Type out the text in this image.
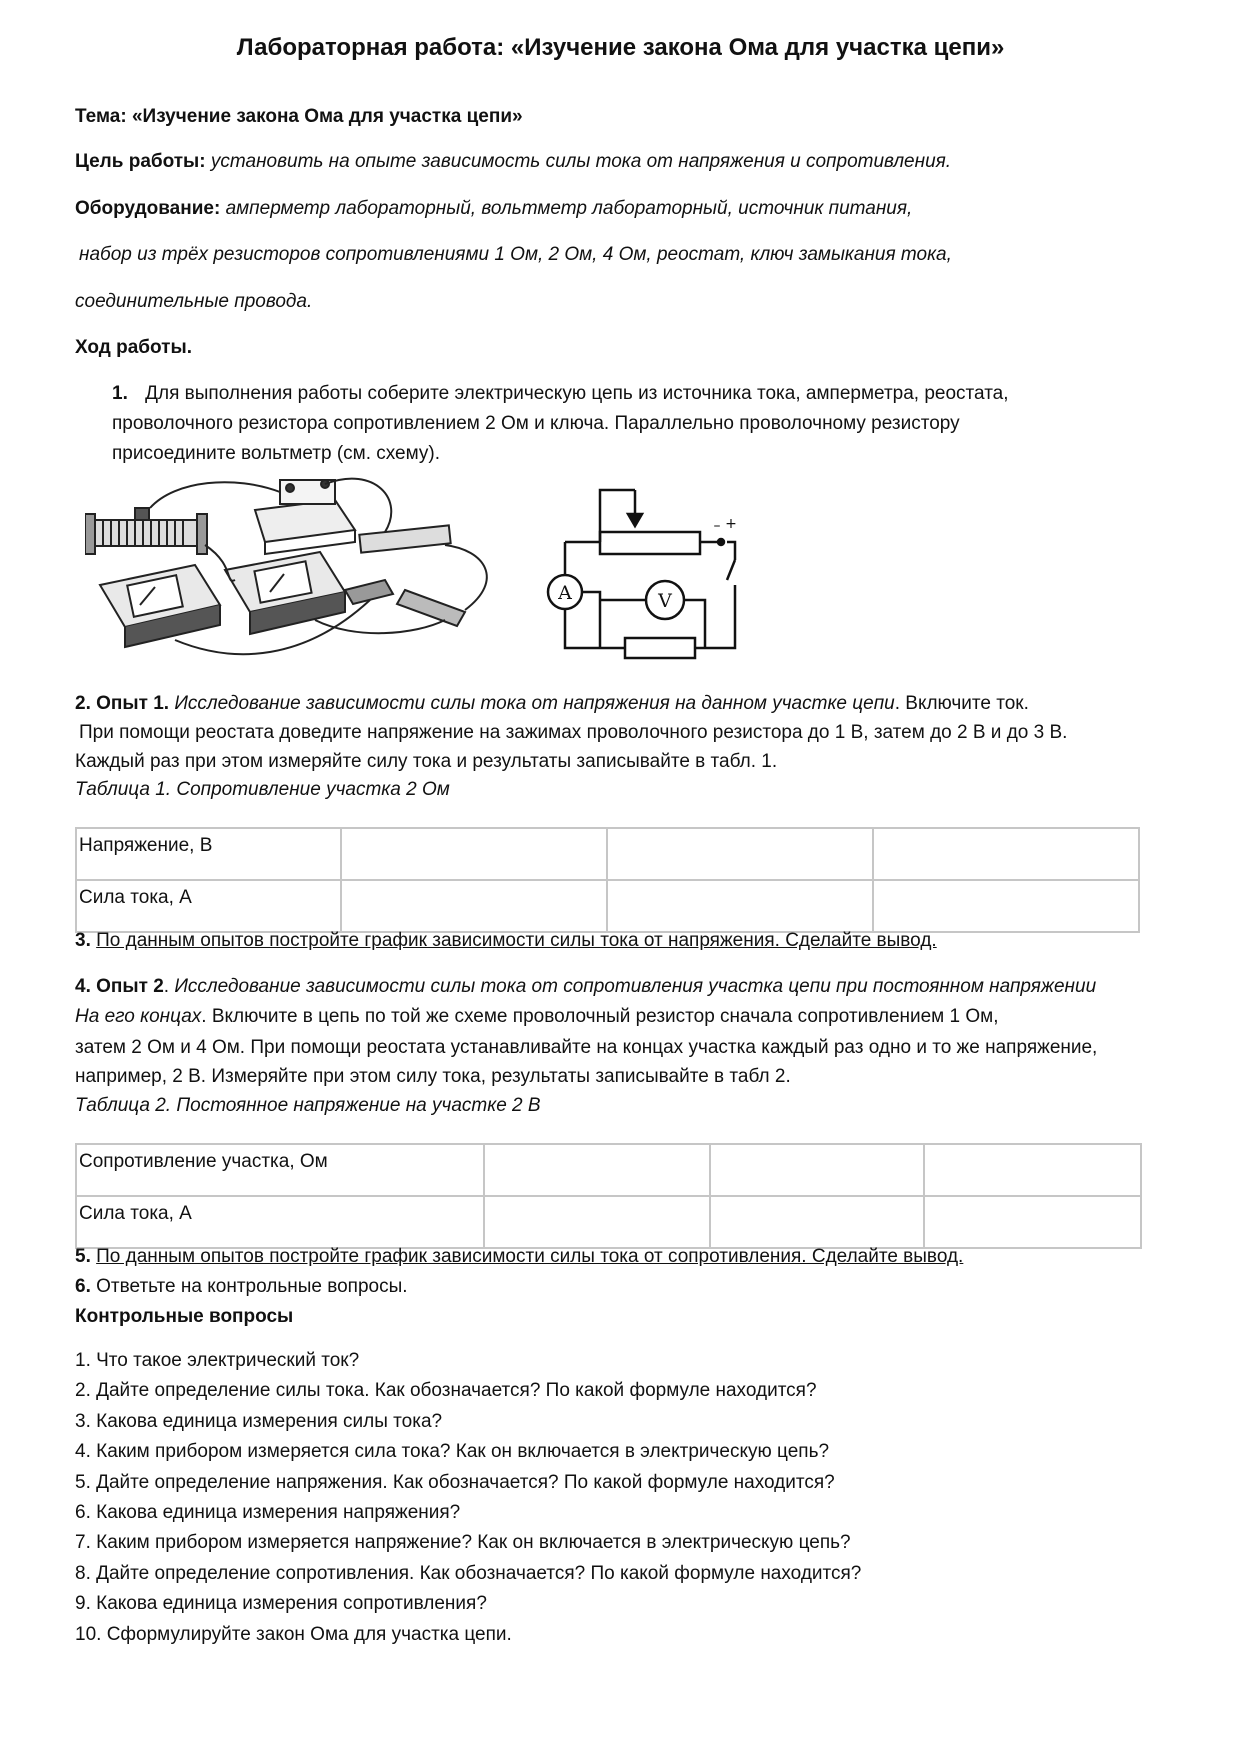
Лабораторная работа: «Изучение закона Ома для участка цепи»
Тема: «Изучение закона Ома для участка цепи»
Цель работы: установить на опыте зависимость силы тока от напряжения и сопротивления.
Оборудование: амперметр лабораторный, вольтметр лабораторный, источник питания,
набор из трёх резисторов сопротивлениями 1 Ом, 2 Ом, 4 Ом, реостат, ключ замыкания тока,
соединительные провода.
Ход работы.
1. Для выполнения работы соберите электрическую цепь из источника тока, амперметра, реостата,
проволочного резистора сопротивлением 2 Ом и ключа. Параллельно проволочному резистору
присоедините вольтметр (см. схему).
A	V
– +
2. Опыт 1. Исследование зависимости силы тока от напряжения на данном участке цепи. Включите ток.
При помощи реостата доведите напряжение на зажимах проволочного резистора до 1 В, затем до 2 В и до 3 В.
Каждый раз при этом измеряйте силу тока и результаты записывайте в табл. 1.
Таблица 1. Сопротивление участка 2 Ом
Напряжение, В			
Сила тока, А			
3. По данным опытов постройте график зависимости силы тока от напряжения. Сделайте вывод.
4. Опыт 2. Исследование зависимости силы тока от сопротивления участка цепи при постоянном напряжении
На его концах. Включите в цепь по той же схеме проволочный резистор сначала сопротивлением 1 Ом,
затем 2 Ом и 4 Ом. При помощи реостата устанавливайте на концах участка каждый раз одно и то же напряжение,
например, 2 В. Измеряйте при этом силу тока, результаты записывайте в табл 2.
Таблица 2. Постоянное напряжение на участке 2 В
Сопротивление участка, Ом			
Сила тока, А			
5. По данным опытов постройте график зависимости силы тока от сопротивления. Сделайте вывод.
6. Ответьте на контрольные вопросы.
Контрольные вопросы
1. Что такое электрический ток?
2. Дайте определение силы тока. Как обозначается? По какой формуле находится?
3. Какова единица измерения силы тока?
4. Каким прибором измеряется сила тока? Как он включается в электрическую цепь?
5. Дайте определение напряжения. Как обозначается? По какой формуле находится?
6. Какова единица измерения напряжения?
7. Каким прибором измеряется напряжение? Как он включается в электрическую цепь?
8. Дайте определение сопротивления. Как обозначается? По какой формуле находится?
9. Какова единица измерения сопротивления?
10. Сформулируйте закон Ома для участка цепи.
